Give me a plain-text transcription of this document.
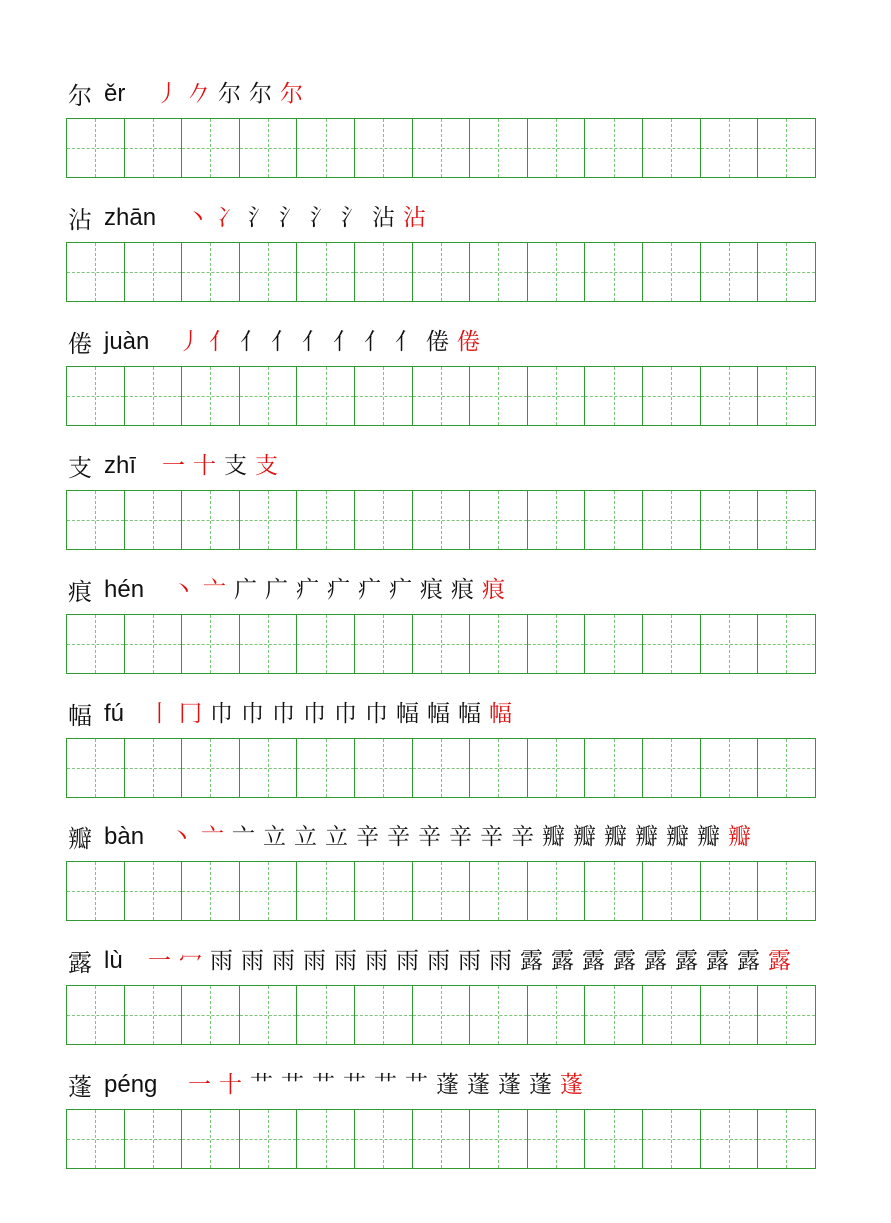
尔 ěr 丿 𠂊 尔 尔 尔
沾 zhān 丶 冫 氵 氵 氵 氵 沾 沾
倦 juàn 丿 亻 亻 亻 亻 亻 亻 亻 倦 倦
支 zhī 一 十 支 支
痕 hén 丶 亠 广 广 疒 疒 疒 疒 痕 痕 痕
幅 fú 丨 冂 巾 巾 巾 巾 巾 巾 幅 幅 幅 幅
瓣 bàn 丶 亠 亠 立 立 立 辛 辛 辛 辛 辛 辛 瓣 瓣 瓣 瓣 瓣 瓣 瓣
露 lù 一 冖 雨 雨 雨 雨 雨 雨 雨 雨 雨 雨 露 露 露 露 露 露 露 露 露
蓬 péng 一 十 艹 艹 艹 艹 艹 艹 蓬 蓬 蓬 蓬 蓬
